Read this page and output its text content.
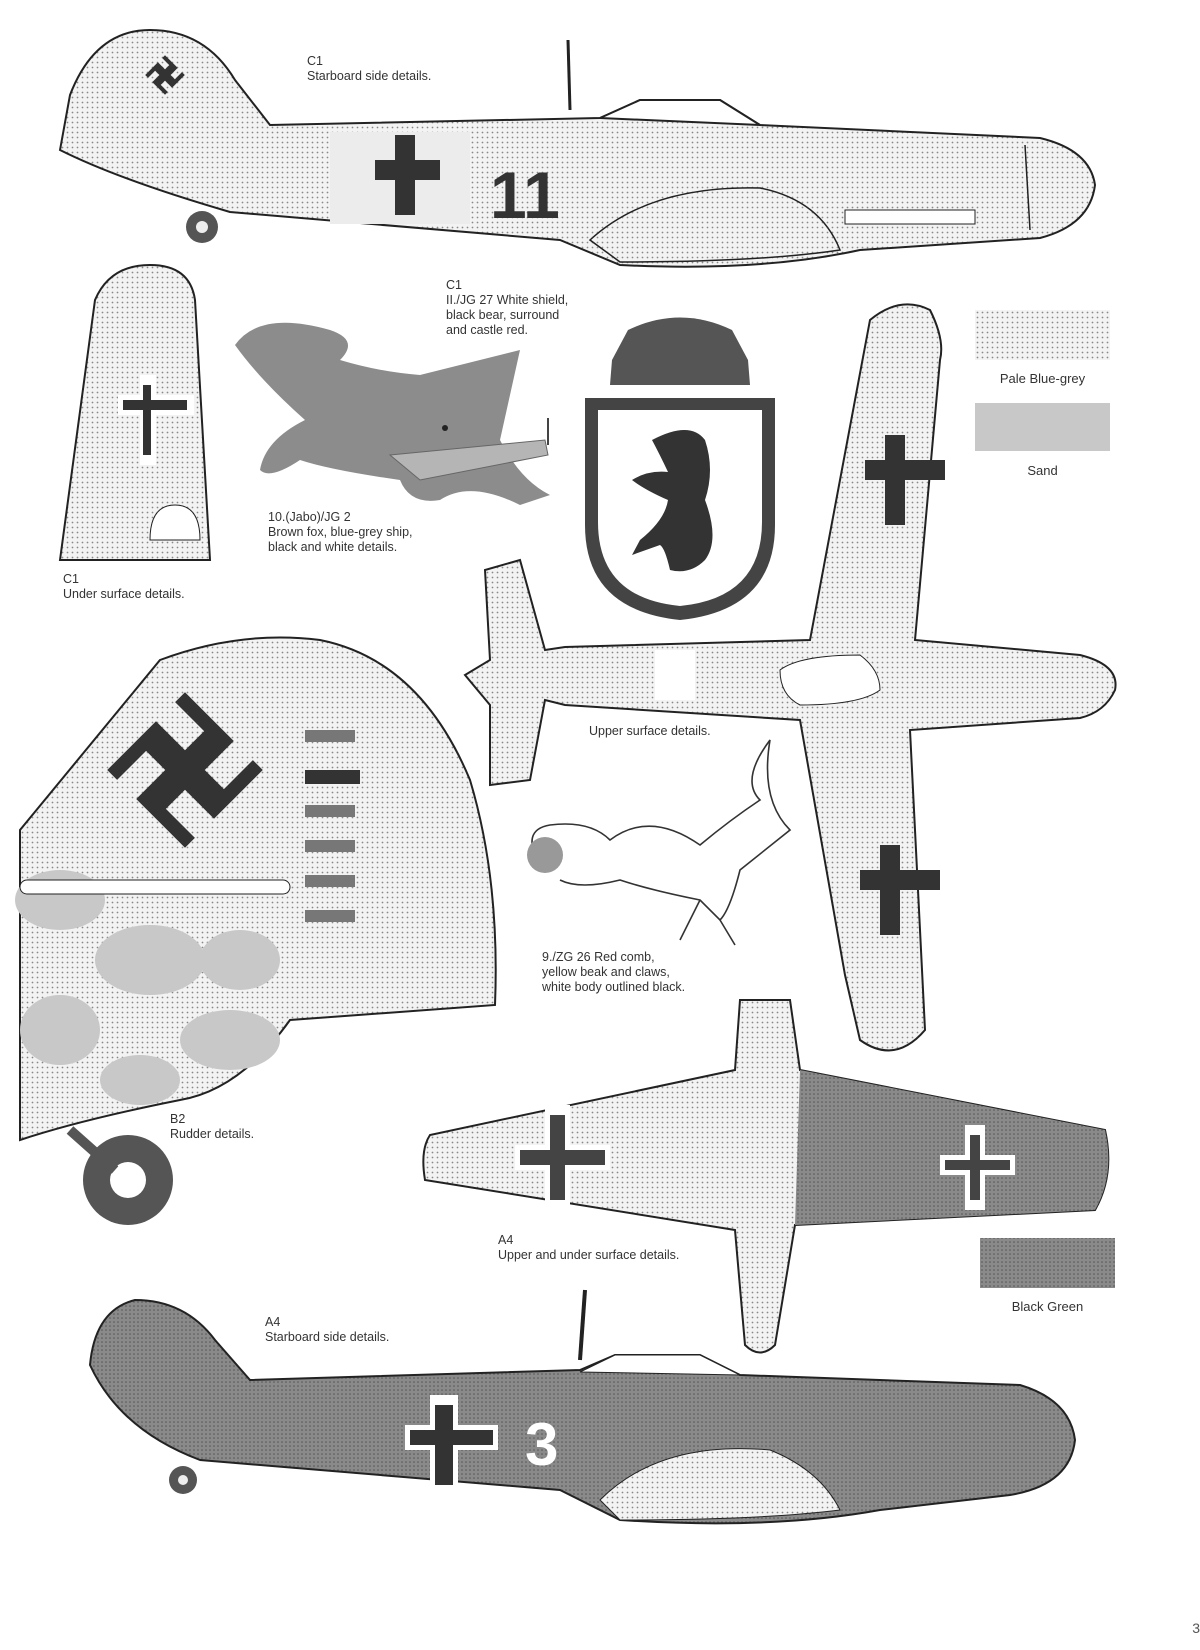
11
3
C1
Starboard side details.
C1
II./JG 27 White shield,
black bear, surround
and castle red.
10.(Jabo)/JG 2
Brown fox, blue-grey ship,
black and white details.
C1
Under surface details.
Upper surface details.
9./ZG 26 Red comb,
yellow beak and claws,
white body outlined black.
B2
Rudder details.
A4
Upper and under surface details.
A4
Starboard side details.
Pale Blue-grey
Sand
Black Green
3
